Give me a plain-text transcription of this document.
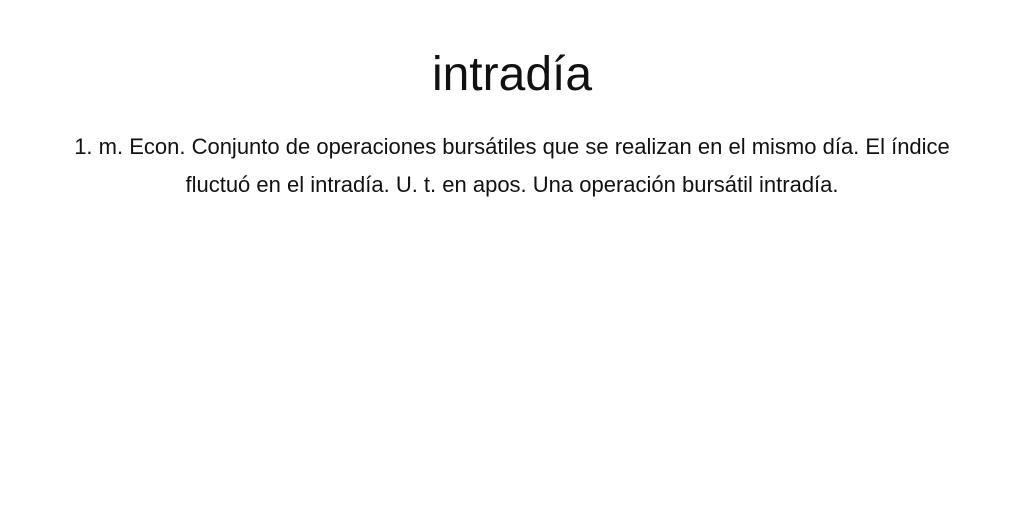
intradía

1. m. Econ. Conjunto de operaciones bursátiles que se realizan en el mismo día. El índice fluctuó en el intradía. U. t. en apos. Una operación bursátil intradía.
